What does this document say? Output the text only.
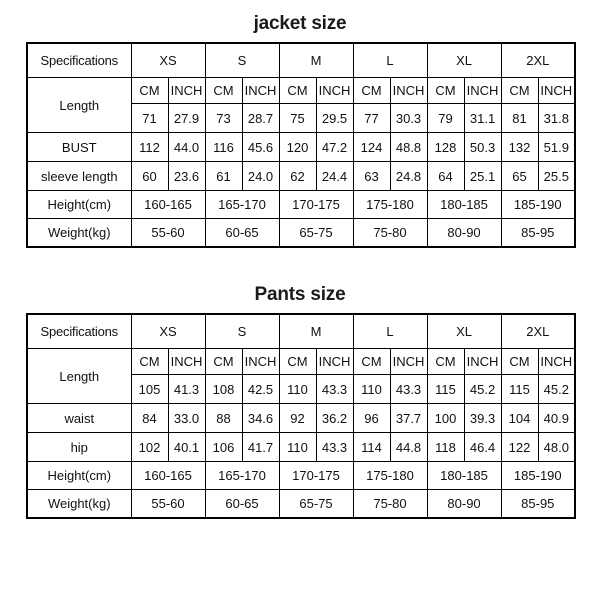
jacket size
Specifications	XS		S		M		L		XL		2XL	
Length	CM	INCH	CM	INCH	CM	INCH	CM	INCH	CM	INCH	CM	INCH
	71	27.9	73	28.7	75	29.5	77	30.3	79	31.1	81	31.8
BUST	112	44.0	116	45.6	120	47.2	124	48.8	128	50.3	132	51.9
sleeve length	60	23.6	61	24.0	62	24.4	63	24.8	64	25.1	65	25.5
Height(cm)	160-165		165-170		170-175		175-180		180-185		185-190	
Weight(kg)	55-60		60-65		65-75		75-80		80-90		85-95	
Pants size
Specifications	XS		S		M		L		XL		2XL	
Length	CM	INCH	CM	INCH	CM	INCH	CM	INCH	CM	INCH	CM	INCH
	105	41.3	108	42.5	110	43.3	110	43.3	115	45.2	115	45.2
waist	84	33.0	88	34.6	92	36.2	96	37.7	100	39.3	104	40.9
hip	102	40.1	106	41.7	110	43.3	114	44.8	118	46.4	122	48.0
Height(cm)	160-165		165-170		170-175		175-180		180-185		185-190	
Weight(kg)	55-60		60-65		65-75		75-80		80-90		85-95	
